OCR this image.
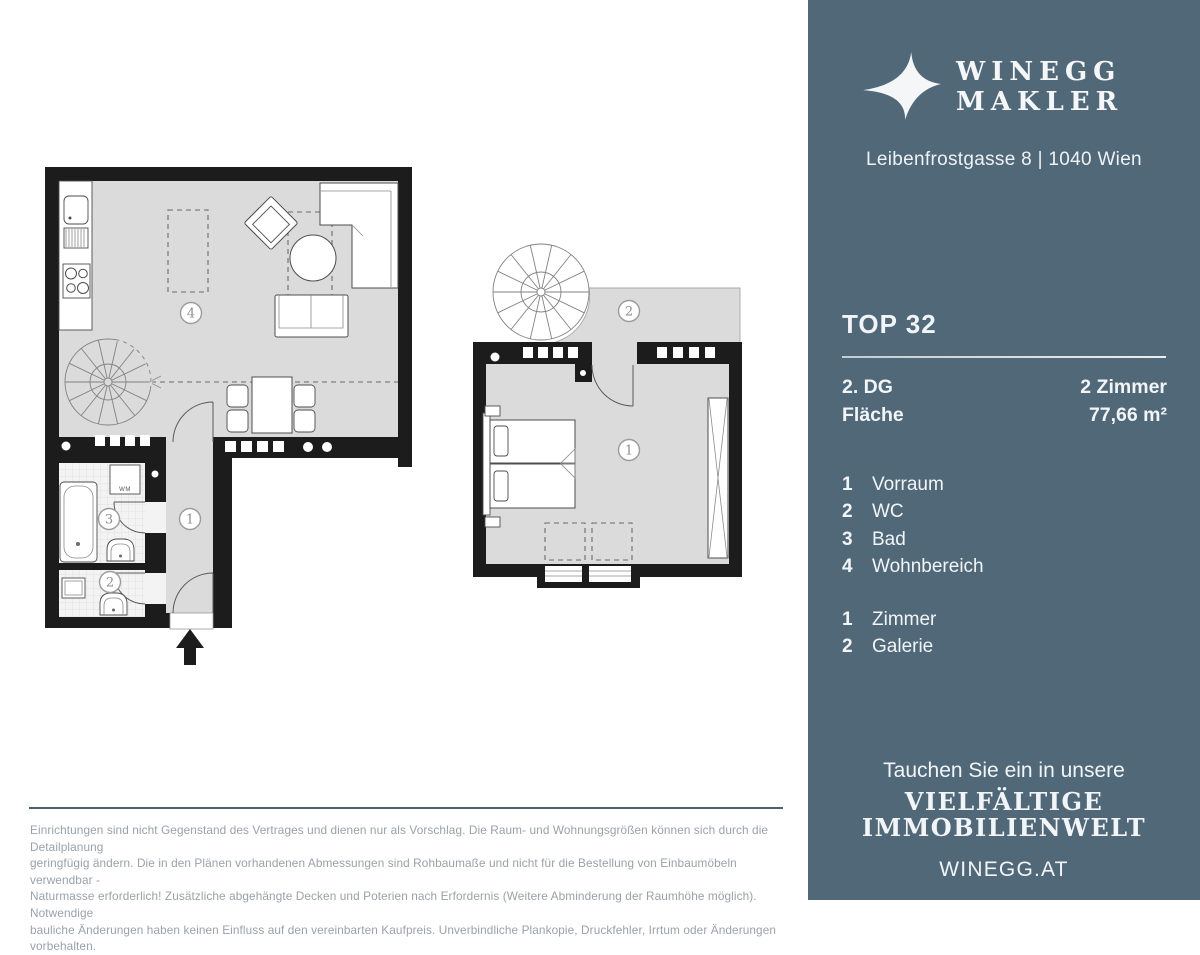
WM
4
3
2
1
2
1
Einrichtungen sind nicht Gegenstand des Vertrages und dienen nur als Vorschlag. Die Raum- und Wohnungsgrößen können sich durch die Detailplanung
geringfügig ändern. Die in den Plänen vorhandenen Abmessungen sind Rohbaumaße und nicht für die Bestellung von Einbaumöbeln verwendbar -
Naturmasse erforderlich! Zusätzliche abgehängte Decken und Poterien nach Erfordernis (Weitere Abminderung der Raumhöhe möglich). Notwendige
bauliche Änderungen haben keinen Einfluss auf den vereinbarten Kaufpreis. Unverbindliche Plankopie, Druckfehler, Irrtum oder Änderungen vorbehalten.
WINEGG
MAKLER
Leibenfrostgasse 8 | 1040 Wien
TOP 32
2. DG	2 Zimmer
Fläche	77,66 m²
1 Vorraum
2 WC
3 Bad
4 Wohnbereich
1 Zimmer
2 Galerie
Tauchen Sie ein in unsere
VIELFÄLTIGE
IMMOBILIENWELT
WINEGG.AT
